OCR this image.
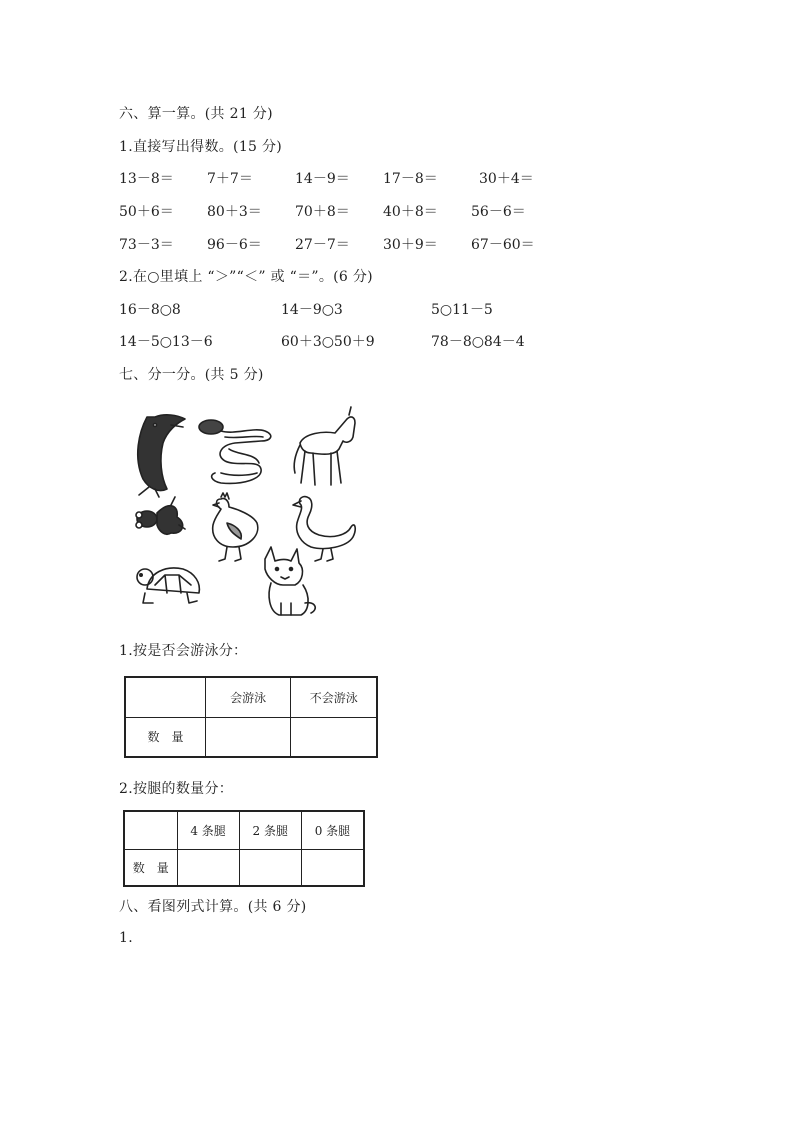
六、算一算。(共 21 分)
1.直接写出得数。(15 分)
13－8＝ 7＋7＝	14－9＝ 17－8＝	30＋4＝
50＋6＝ 80＋3＝ 70＋8＝ 40＋8＝ 56－6＝
73－3＝ 96－6＝ 27－7＝ 30＋9＝ 67－60＝
2.在○里填上 “＞”“＜” 或 “＝”。(6 分)
16－8○8	14－9○3	5○11－5
14－5○13－6	60＋3○50＋9	78－8○84－4
七、分一分。(共 5 分)
1.按是否会游泳分：
	会游泳	不会游泳
数　量		
2.按腿的数量分：
	4 条腿	2 条腿	0 条腿
数　量			
八、看图列式计算。(共 6 分)
1.
